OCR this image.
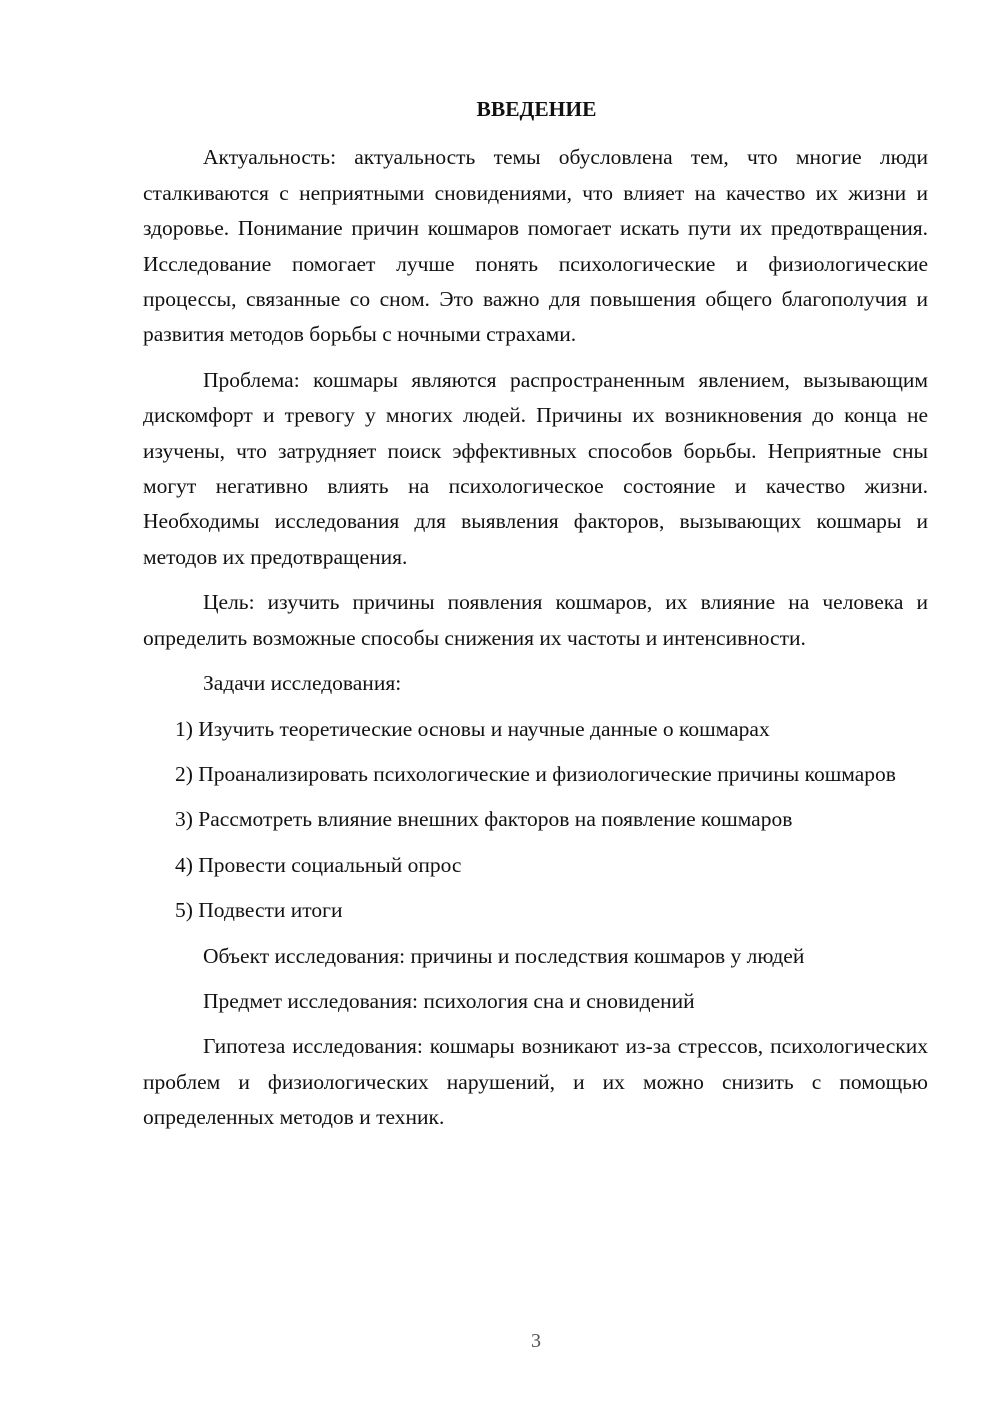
ВВЕДЕНИЕ

Актуальность: актуальность темы обусловлена тем, что многие люди сталкиваются с неприятными сновидениями, что влияет на качество их жизни и здоровье. Понимание причин кошмаров помогает искать пути их предотвращения. Исследование помогает лучше понять психологические и физиологические процессы, связанные со сном. Это важно для повышения общего благополучия и развития методов борьбы с ночными страхами.

Проблема: кошмары являются распространенным явлением, вызывающим дискомфорт и тревогу у многих людей. Причины их возникновения до конца не изучены, что затрудняет поиск эффективных способов борьбы. Неприятные сны могут негативно влиять на психологическое состояние и качество жизни. Необходимы исследования для выявления факторов, вызывающих кошмары и методов их предотвращения.

Цель: изучить причины появления кошмаров, их влияние на человека и определить возможные способы снижения их частоты и интенсивности.

Задачи исследования:

1) Изучить теоретические основы и научные данные о кошмарах

2) Проанализировать психологические и физиологические причины кошмаров

3) Рассмотреть влияние внешних факторов на появление кошмаров

4) Провести социальный опрос

5) Подвести итоги

Объект исследования: причины и последствия кошмаров у людей

Предмет исследования: психология сна и сновидений

Гипотеза исследования: кошмары возникают из-за стрессов, психологических проблем и физиологических нарушений, и их можно снизить с помощью определенных методов и техник.

3
